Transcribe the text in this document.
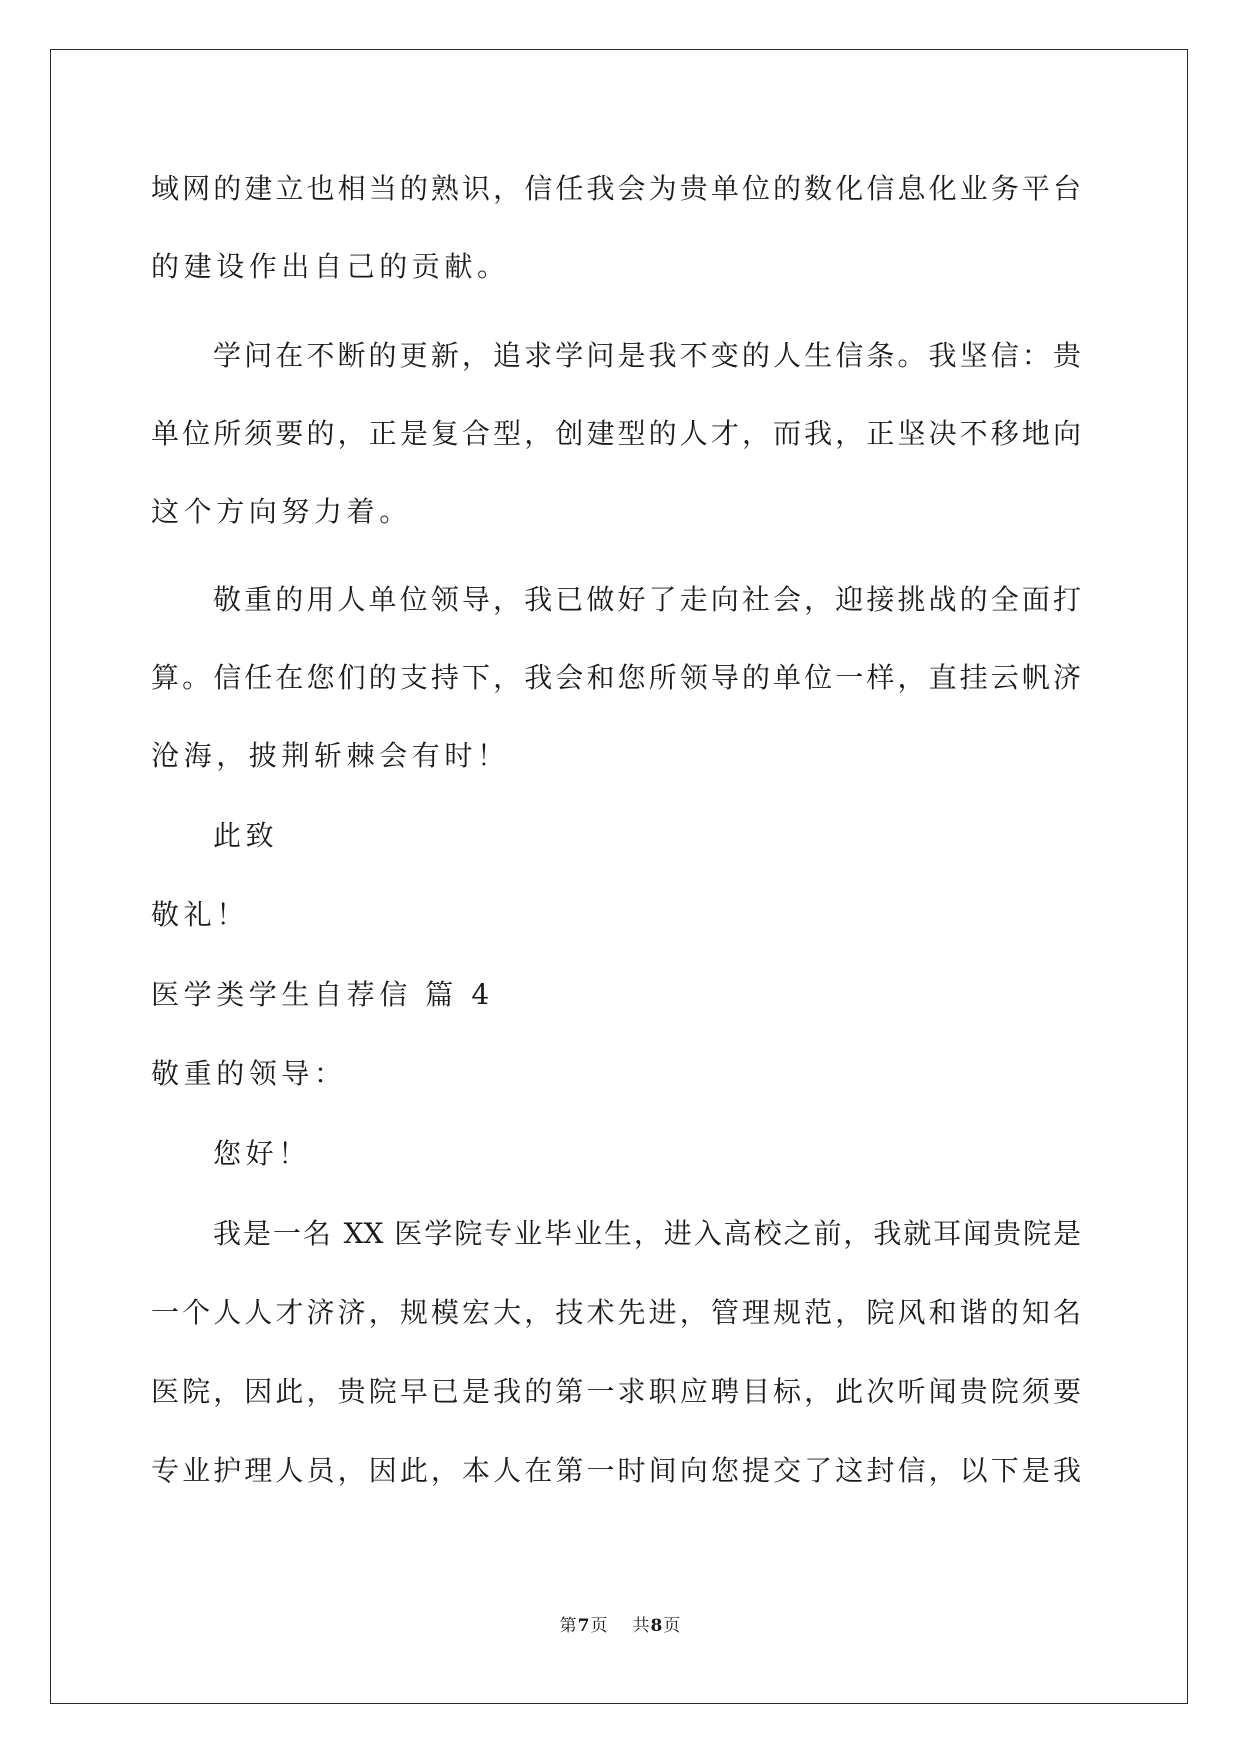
域网的建立也相当的熟识，信任我会为贵单位的数化信息化业务平台
的建设作出自己的贡献。
学问在不断的更新，追求学问是我不变的人生信条。我坚信：贵
单位所须要的，正是复合型，创建型的人才，而我，正坚决不移地向
这个方向努力着。
敬重的用人单位领导，我已做好了走向社会，迎接挑战的全面打
算。信任在您们的支持下，我会和您所领导的单位一样，直挂云帆济
沧海，披荆斩棘会有时！
此致
敬礼！
医学类学生自荐信 篇 4
敬重的领导：
您好！
我是一名 XX 医学院专业毕业生，进入高校之前，我就耳闻贵院是
一个人人才济济，规模宏大，技术先进，管理规范，院风和谐的知名
医院，因此，贵院早已是我的第一求职应聘目标，此次听闻贵院须要
专业护理人员，因此，本人在第一时间向您提交了这封信，以下是我
第7页 共8页
